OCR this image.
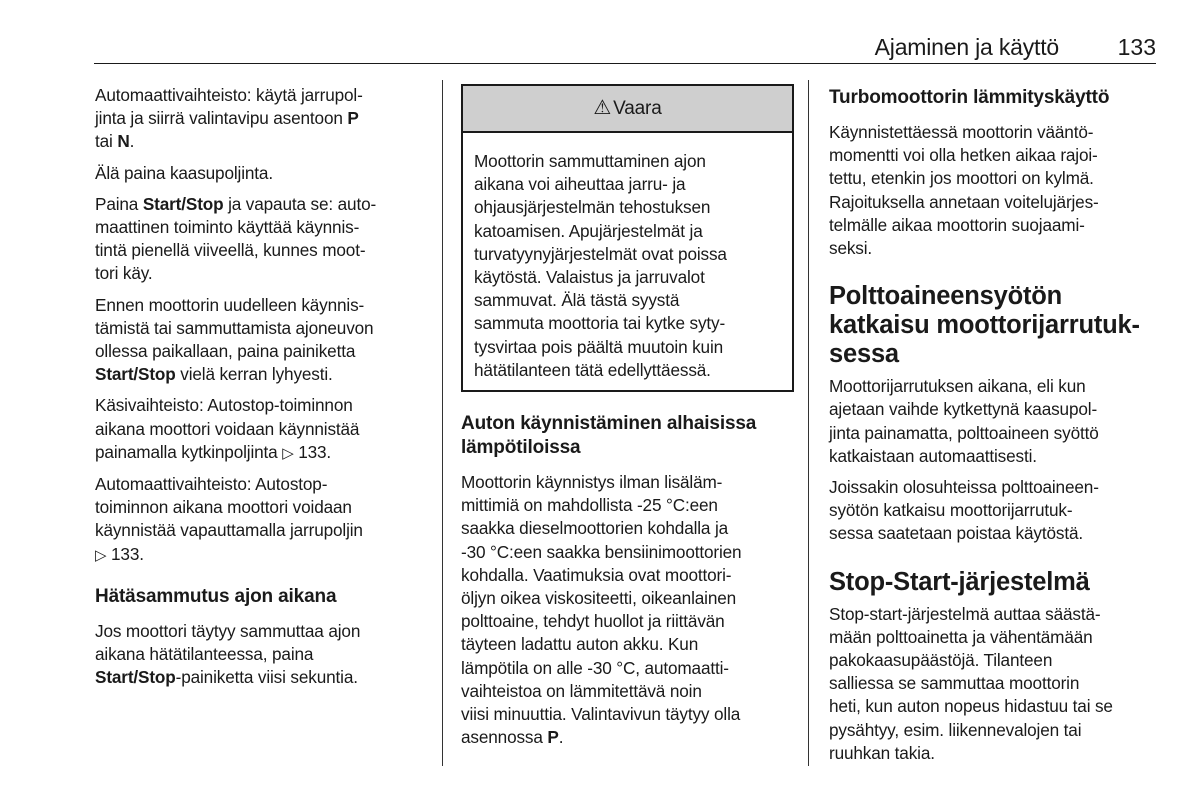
Ajaminen ja käyttö	133
Automaattivaihteisto: käytä jarrupol-
jinta ja siirrä valintavipu asentoon P
tai N.
Älä paina kaasupoljinta.
Paina Start/Stop ja vapauta se: auto-
maattinen toiminto käyttää käynnis-
tintä pienellä viiveellä, kunnes moot-
tori käy.
Ennen moottorin uudelleen käynnis-
tämistä tai sammuttamista ajoneuvon
ollessa paikallaan, paina painiketta
Start/Stop vielä kerran lyhyesti.
Käsivaihteisto: Autostop-toiminnon
aikana moottori voidaan käynnistää
painamalla kytkinpoljinta ▷ 133.
Automaattivaihteisto: Autostop-
toiminnon aikana moottori voidaan
käynnistää vapauttamalla jarrupoljin
▷ 133.
Hätäsammutus ajon aikana
Jos moottori täytyy sammuttaa ajon
aikana hätätilanteessa, paina
Start/Stop-painiketta viisi sekuntia.
⚠ Vaara
Moottorin sammuttaminen ajon
aikana voi aiheuttaa jarru- ja
ohjausjärjestelmän tehostuksen
katoamisen. Apujärjestelmät ja
turvatyynyjärjestelmät ovat poissa
käytöstä. Valaistus ja jarruvalot
sammuvat. Älä tästä syystä
sammuta moottoria tai kytke syty-
tysvirtaa pois päältä muutoin kuin
hätätilanteen tätä edellyttäessä.
Auton käynnistäminen alhaisissa
lämpötiloissa
Moottorin käynnistys ilman lisäläm-
mittimiä on mahdollista -25 °C:een
saakka dieselmoottorien kohdalla ja
-30 °C:een saakka bensiinimoottorien
kohdalla. Vaatimuksia ovat moottori-
öljyn oikea viskositeetti, oikeanlainen
polttoaine, tehdyt huollot ja riittävän
täyteen ladattu auton akku. Kun
lämpötila on alle -30 °C, automaatti-
vaihteistoa on lämmitettävä noin
viisi minuuttia. Valintavivun täytyy olla
asennossa P.
Turbomoottorin lämmityskäyttö
Käynnistettäessä moottorin vääntö-
momentti voi olla hetken aikaa rajoi-
tettu, etenkin jos moottori on kylmä.
Rajoituksella annetaan voitelujärjes-
telmälle aikaa moottorin suojaami-
seksi.
Polttoaineensyötön
katkaisu moottorijarrutuk-
sessa
Moottorijarrutuksen aikana, eli kun
ajetaan vaihde kytkettynä kaasupol-
jinta painamatta, polttoaineen syöttö
katkaistaan automaattisesti.
Joissakin olosuhteissa polttoaineen-
syötön katkaisu moottorijarrutuk-
sessa saatetaan poistaa käytöstä.
Stop-Start-järjestelmä
Stop-start-järjestelmä auttaa säästä-
mään polttoainetta ja vähentämään
pakokaasupäästöjä. Tilanteen
salliessa se sammuttaa moottorin
heti, kun auton nopeus hidastuu tai se
pysähtyy, esim. liikennevalojen tai
ruuhkan takia.
